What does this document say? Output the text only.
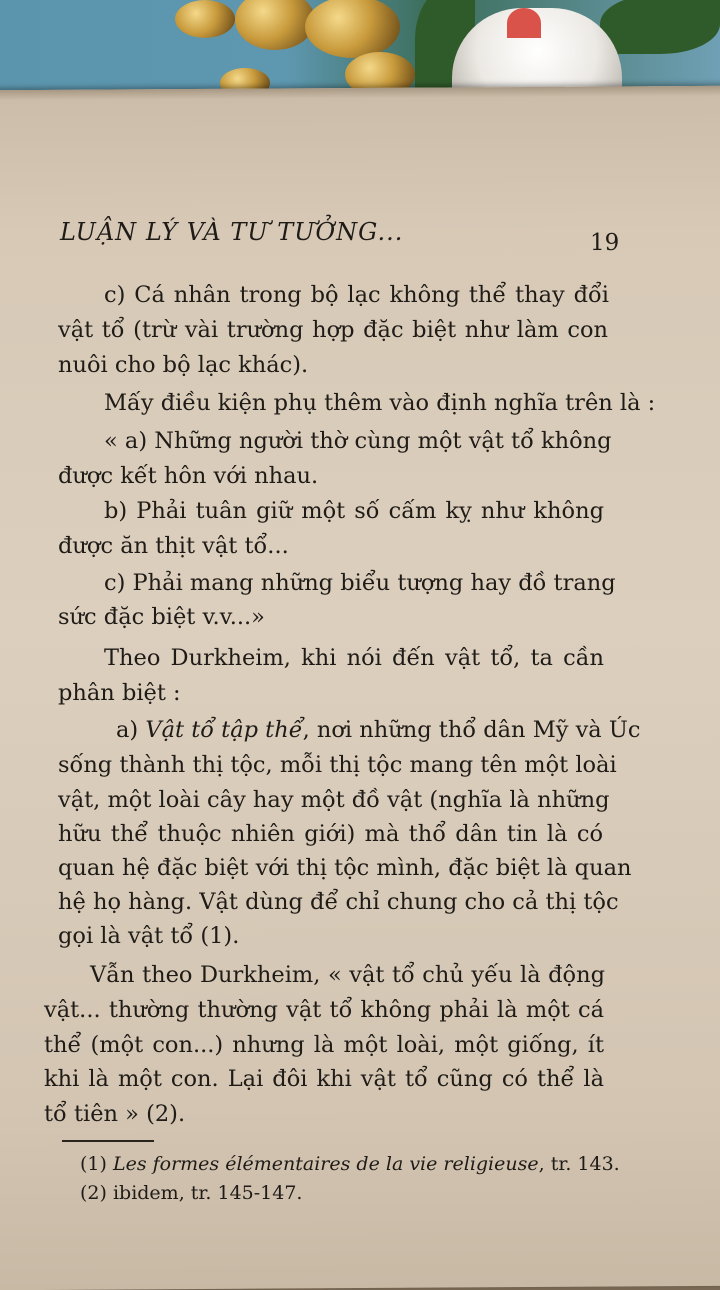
LUẬN LÝ VÀ TƯ TƯỞNG...	19
c) Cá nhân trong bộ lạc không thể thay đổi
vật tổ (trừ vài trường hợp đặc biệt như làm con
nuôi cho bộ lạc khác).
Mấy điều kiện phụ thêm vào định nghĩa trên là :
« a) Những người thờ cùng một vật tổ không
được kết hôn với nhau.
b) Phải tuân giữ một số cấm kỵ như không
được ăn thịt vật tổ...
c) Phải mang những biểu tượng hay đồ trang
sức đặc biệt v.v...»
Theo Durkheim, khi nói đến vật tổ, ta cần
phân biệt :
a) Vật tổ tập thể, nơi những thổ dân Mỹ và Úc
sống thành thị tộc, mỗi thị tộc mang tên một loài
vật, một loài cây hay một đồ vật (nghĩa là những
hữu thể thuộc nhiên giới) mà thổ dân tin là có
quan hệ đặc biệt với thị tộc mình, đặc biệt là quan
hệ họ hàng. Vật dùng để chỉ chung cho cả thị tộc
gọi là vật tổ (1).
Vẫn theo Durkheim, « vật tổ chủ yếu là động
vật... thường thường vật tổ không phải là một cá
thể (một con...) nhưng là một loài, một giống, ít
khi là một con. Lại đôi khi vật tổ cũng có thể là
tổ tiên » (2).
(1) Les formes élémentaires de la vie religieuse, tr. 143.
(2) ibidem, tr. 145-147.
